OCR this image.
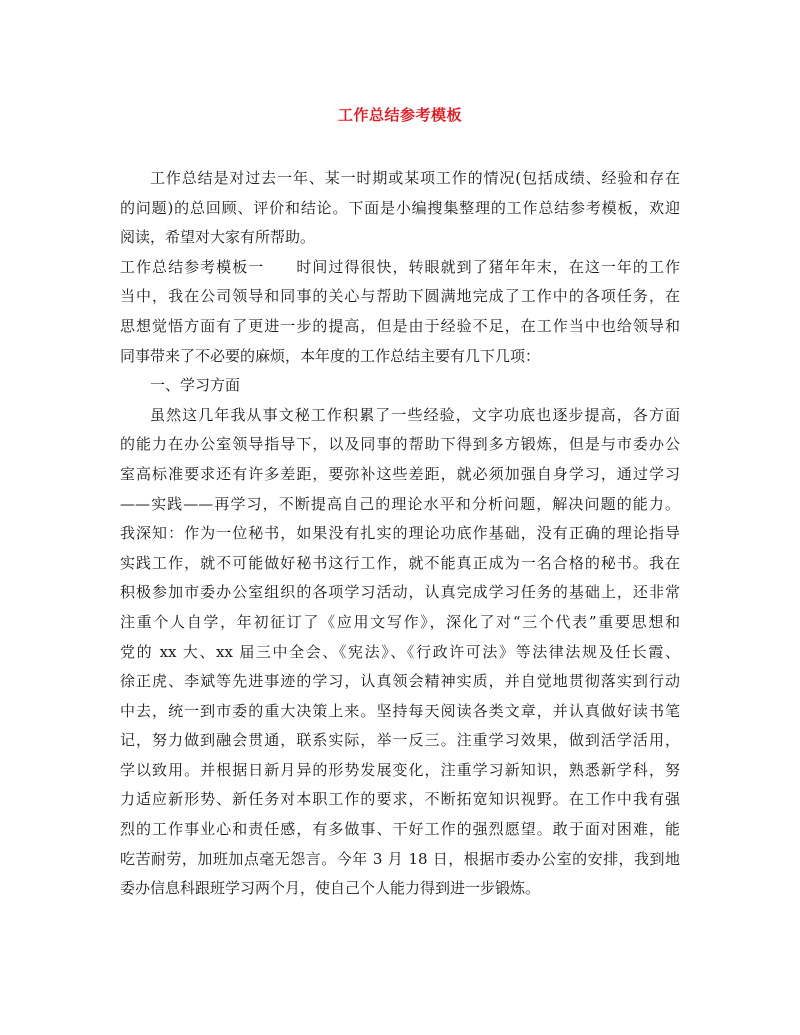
工作总结参考模板
工作总结是对过去一年、某一时期或某项工作的情况(包括成绩、经验和存在
的问题)的总回顾、评价和结论。下面是小编搜集整理的工作总结参考模板，欢迎
阅读，希望对大家有所帮助。
工作总结参考模板一　　时间过得很快，转眼就到了猪年年末，在这一年的工作
当中，我在公司领导和同事的关心与帮助下圆满地完成了工作中的各项任务，在
思想觉悟方面有了更进一步的提高，但是由于经验不足，在工作当中也给领导和
同事带来了不必要的麻烦，本年度的工作总结主要有几下几项：
一、学习方面
虽然这几年我从事文秘工作积累了一些经验，文字功底也逐步提高，各方面
的能力在办公室领导指导下，以及同事的帮助下得到多方锻炼，但是与市委办公
室高标准要求还有许多差距，要弥补这些差距，就必须加强自身学习，通过学习
——实践——再学习，不断提高自己的理论水平和分析问题，解决问题的能力。
我深知：作为一位秘书，如果没有扎实的理论功底作基础，没有正确的理论指导
实践工作，就不可能做好秘书这行工作，就不能真正成为一名合格的秘书。我在
积极参加市委办公室组织的各项学习活动，认真完成学习任务的基础上，还非常
注重个人自学，年初征订了《应用文写作》，深化了对“三个代表”重要思想和
党的 xx 大、xx 届三中全会、《宪法》、《行政许可法》等法律法规及任长霞、
徐正虎、李斌等先进事迹的学习，认真领会精神实质，并自觉地贯彻落实到行动
中去，统一到市委的重大决策上来。坚持每天阅读各类文章，并认真做好读书笔
记，努力做到融会贯通，联系实际，举一反三。注重学习效果，做到活学活用，
学以致用。并根据日新月异的形势发展变化，注重学习新知识，熟悉新学科，努
力适应新形势、新任务对本职工作的要求，不断拓宽知识视野。在工作中我有强
烈的工作事业心和责任感，有多做事、干好工作的强烈愿望。敢于面对困难，能
吃苦耐劳，加班加点毫无怨言。今年 3 月 18 日，根据市委办公室的安排，我到地
委办信息科跟班学习两个月，使自己个人能力得到进一步锻炼。
